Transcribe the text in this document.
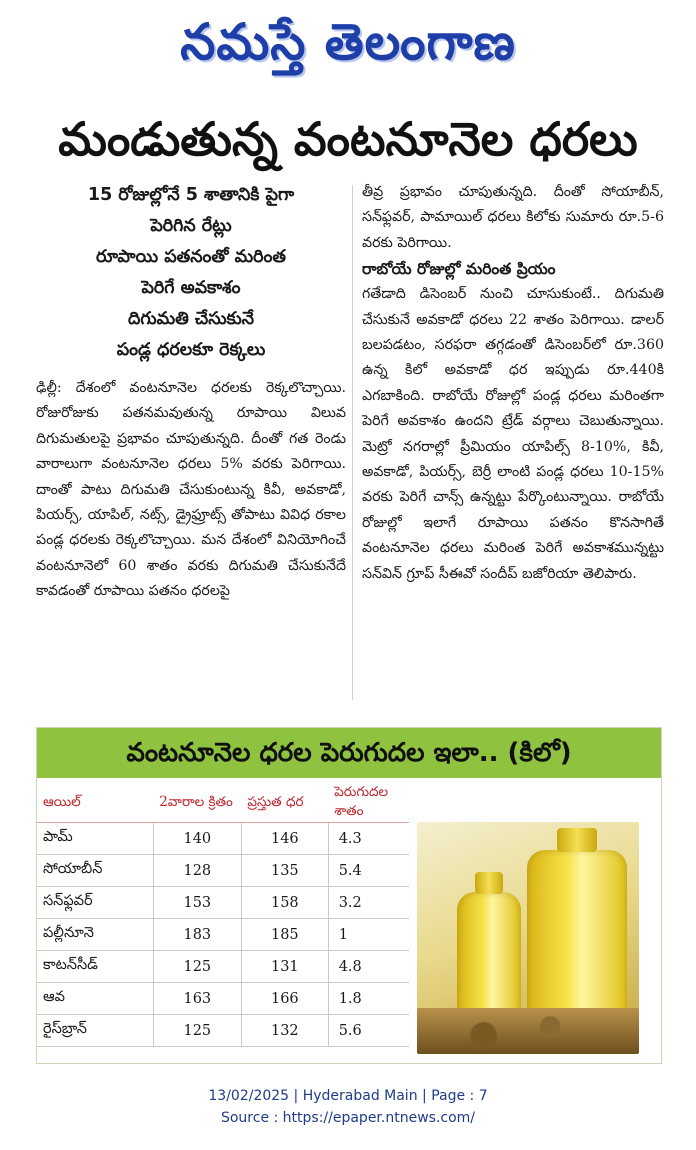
నమస్తే తెలంగాణ
మండుతున్న వంటనూనెల ధరలు
15 రోజుల్లోనే 5 శాతానికి పైగా
పెరిగిన రేట్లు
రూపాయి పతనంతో మరింత
పెరిగే అవకాశం
దిగుమతి చేసుకునే
పండ్ల ధరలకూ రెక్కలు

ఢిల్లీ: దేశంలో వంటనూనెల ధరలకు రెక్కలొచ్చాయి. రోజురోజుకు పతనమవుతున్న రూపాయి విలువ దిగుమతులపై ప్రభావం చూపుతున్నది. దీంతో గత రెండు వారాలుగా వంటనూనెల ధరలు 5% వరకు పెరిగాయి. దాంతో పాటు దిగుమతి చేసుకుంటున్న కివీ, అవకాడో, పియర్స్, యాపిల్, నట్స్, డ్రైఫ్రూట్స్ తోపాటు వివిధ రకాల పండ్ల ధరలకు రెక్కలొచ్చాయి. మన దేశంలో వినియోగించే వంటనూనెలో 60 శాతం వరకు దిగుమతి చేసుకునేదే కావడంతో రూపాయి పతనం ధరలపై

తీవ్ర ప్రభావం చూపుతున్నది. దీంతో సోయాబీన్, సన్‌ఫ్లవర్, పామాయిల్ ధరలు కిలోకు సుమారు రూ.5-6 వరకు పెరిగాయి.

రాబోయే రోజుల్లో మరింత ప్రియం

గతేడాది డిసెంబర్ నుంచి చూసుకుంటే.. దిగుమతి చేసుకునే అవకాడో ధరలు 22 శాతం పెరిగాయి. డాలర్ బలపడటం, సరఫరా తగ్గడంతో డిసెంబర్‌లో రూ.360 ఉన్న కిలో అవకాడో ధర ఇప్పుడు రూ.440కి ఎగబాకింది. రాబోయే రోజుల్లో పండ్ల ధరలు మరింతగా పెరిగే అవకాశం ఉందని ట్రేడ్ వర్గాలు చెబుతున్నాయి. మెట్రో నగరాల్లో ప్రీమియం యాపిల్స్ 8-10%, కివీ, అవకాడో, పియర్స్, బెర్రీ లాంటి పండ్ల ధరలు 10-15% వరకు పెరిగే చాన్స్ ఉన్నట్టు పేర్కొంటున్నాయి. రాబోయే రోజుల్లో ఇలాగే రూపాయి పతనం కొనసాగితే వంటనూనెల ధరలు మరింత పెరిగే అవకాశమున్నట్టు సన్‌విన్ గ్రూప్ సీఈవో సందీప్ బజోరియా తెలిపారు.

వంటనూనెల ధరల పెరుగుదల ఇలా.. (కిలో)
ఆయిల్	2వారాల క్రితం	ప్రస్తుత ధర	పెరుగుదల శాతం
పామ్	140	146	4.3
సోయాబీన్	128	135	5.4
సన్‌ఫ్లవర్	153	158	3.2
పల్లీనూనె	183	185	1
కాటన్‌సీడ్	125	131	4.8
ఆవ	163	166	1.8
రైస్‌బ్రాన్	125	132	5.6
13/02/2025 | Hyderabad Main | Page : 7
Source : https://epaper.ntnews.com/
